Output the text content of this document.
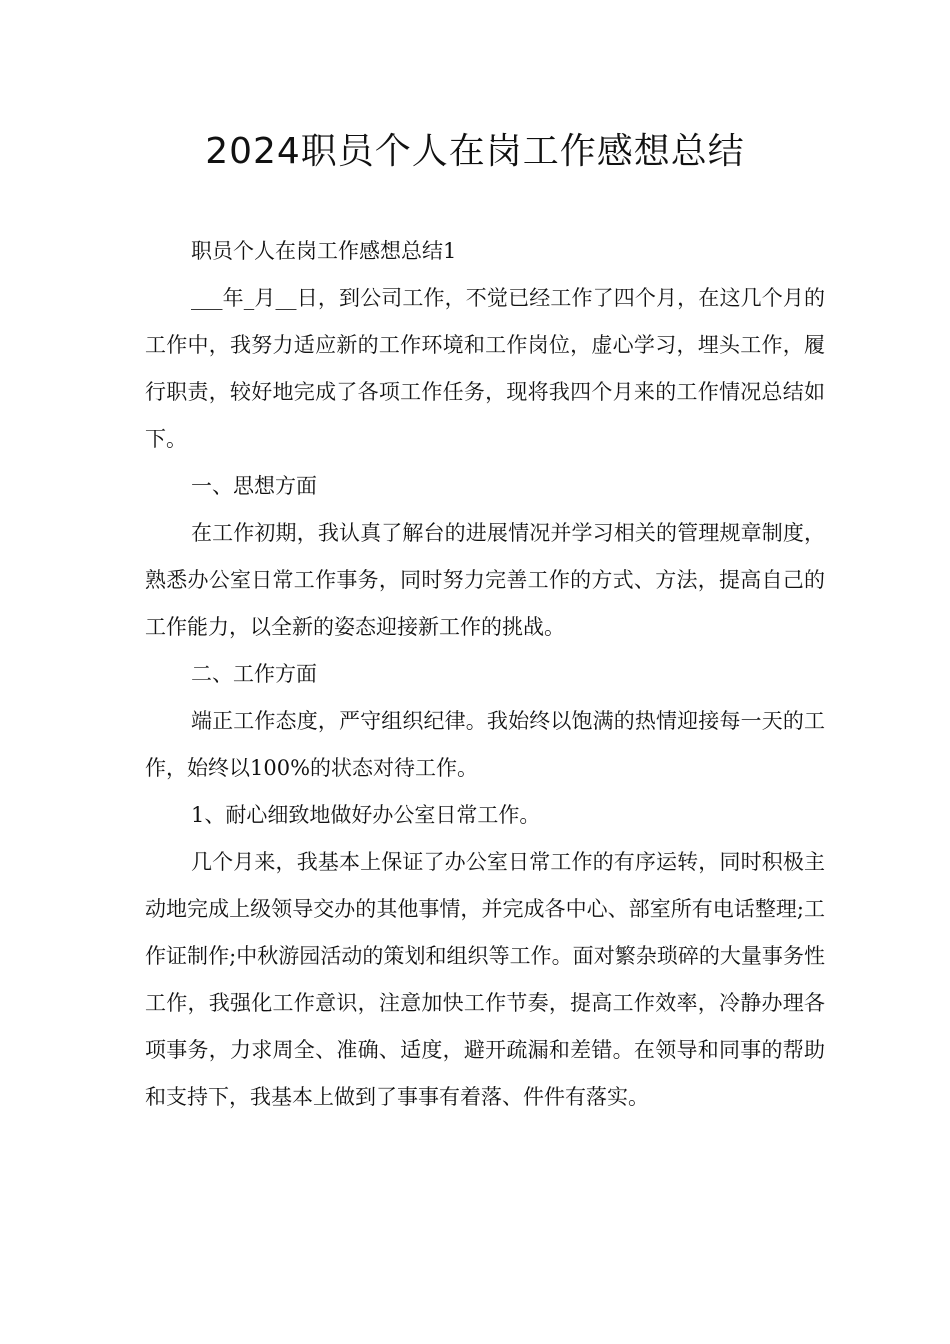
2024职员个人在岗工作感想总结

职员个人在岗工作感想总结1

___年_月__日，到公司工作，不觉已经工作了四个月，在这几个月的工作中，我努力适应新的工作环境和工作岗位，虚心学习，埋头工作，履行职责，较好地完成了各项工作任务，现将我四个月来的工作情况总结如下。

一、思想方面

在工作初期，我认真了解台的进展情况并学习相关的管理规章制度，熟悉办公室日常工作事务，同时努力完善工作的方式、方法，提高自己的工作能力，以全新的姿态迎接新工作的挑战。

二、工作方面

端正工作态度，严守组织纪律。我始终以饱满的热情迎接每一天的工作，始终以100%的状态对待工作。

1、耐心细致地做好办公室日常工作。

几个月来，我基本上保证了办公室日常工作的有序运转，同时积极主动地完成上级领导交办的其他事情，并完成各中心、部室所有电话整理;工作证制作;中秋游园活动的策划和组织等工作。面对繁杂琐碎的大量事务性工作，我强化工作意识，注意加快工作节奏，提高工作效率，冷静办理各项事务，力求周全、准确、适度，避开疏漏和差错。在领导和同事的帮助和支持下，我基本上做到了事事有着落、件件有落实。
